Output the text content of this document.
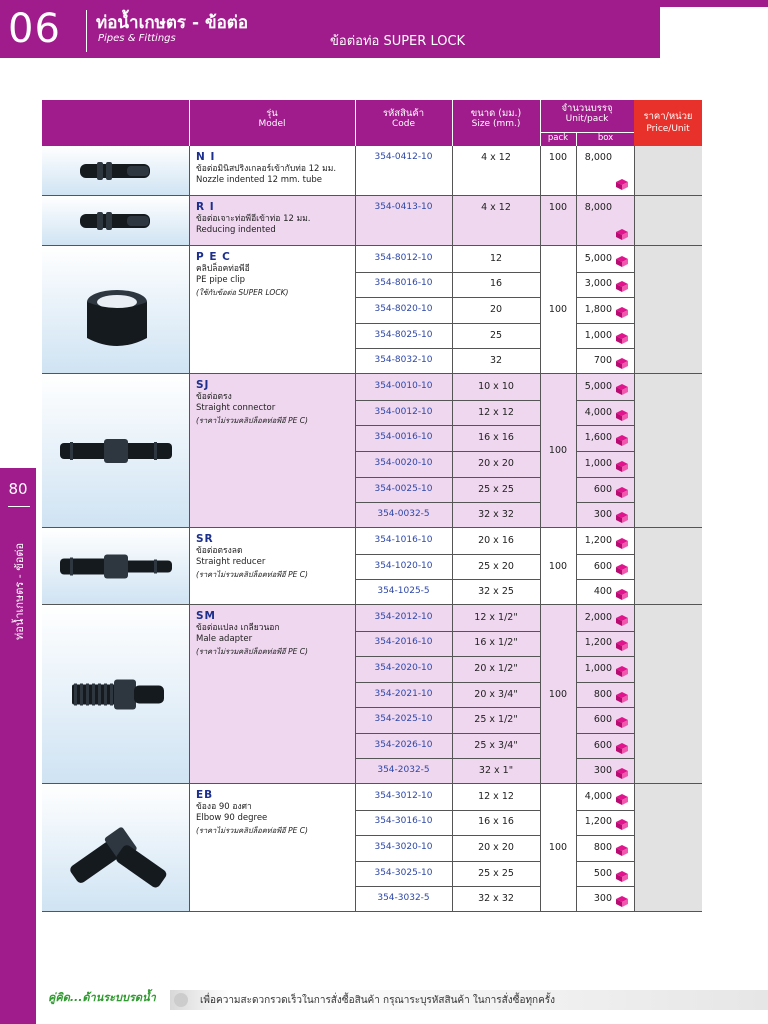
06 ท่อน้ำเกษตร - ข้อต่อ
Pipes & Fittings	ข้อต่อท่อ SUPER LOCK
80
ท่อน้ำเกษตร - ข้อต่อ
รุ่น
Model
รหัสสินค้า
Code
ขนาด (มม.)
Size (mm.)
จำนวนบรรจุ
Unit/pack
pack	box
ราคา/หน่วย
Price/Unit
N I
ข้อต่อมินิสปริงเกลอร์เข้ากับท่อ 12 มม.
Nozzle indented 12 mm. tube
354-0412-10	4 x 12	8,000
100
R I
ข้อต่อเจาะท่อพีอีเข้าท่อ 12 มม.
Reducing indented
354-0413-10	4 x 12	8,000
100
P E C
คลิปล็อคท่อพีอี
PE pipe clip
(ใช้กับข้อต่อ SUPER LOCK)
100
354-8012-10	12	5,000
354-8016-10	16	3,000
354-8020-10	20	1,800
354-8025-10	25	1,000
354-8032-10	32	700
SJ
ข้อต่อตรง
Straight connector
(ราคาไม่รวมคลิปล็อคท่อพีอี PE C)
100
354-0010-10	10 x 10	5,000
354-0012-10	12 x 12	4,000
354-0016-10	16 x 16	1,600
354-0020-10	20 x 20	1,000
354-0025-10	25 x 25	600
354-0032-5	32 x 32	300
SR
ข้อต่อตรงลด
Straight reducer
(ราคาไม่รวมคลิปล็อคท่อพีอี PE C)
100
354-1016-10	20 x 16	1,200
354-1020-10	25 x 20	600
354-1025-5	32 x 25	400
SM
ข้อต่อแปลง เกลียวนอก
Male adapter
(ราคาไม่รวมคลิปล็อคท่อพีอี PE C)
100
354-2012-10	12 x 1/2"	2,000
354-2016-10	16 x 1/2"	1,200
354-2020-10	20 x 1/2"	1,000
354-2021-10	20 x 3/4"	800
354-2025-10	25 x 1/2"	600
354-2026-10	25 x 3/4"	600
354-2032-5	32 x 1"	300
EB
ข้องอ 90 องศา
Elbow 90 degree
(ราคาไม่รวมคลิปล็อคท่อพีอี PE C)
100
354-3012-10	12 x 12	4,000
354-3016-10	16 x 16	1,200
354-3020-10	20 x 20	800
354-3025-10	25 x 25	500
354-3032-5	32 x 32	300
คู่คิด...ด้านระบบรดน้ำ	เพื่อความสะดวกรวดเร็วในการสั่งซื้อสินค้า กรุณาระบุรหัสสินค้า ในการสั่งซื้อทุกครั้ง
